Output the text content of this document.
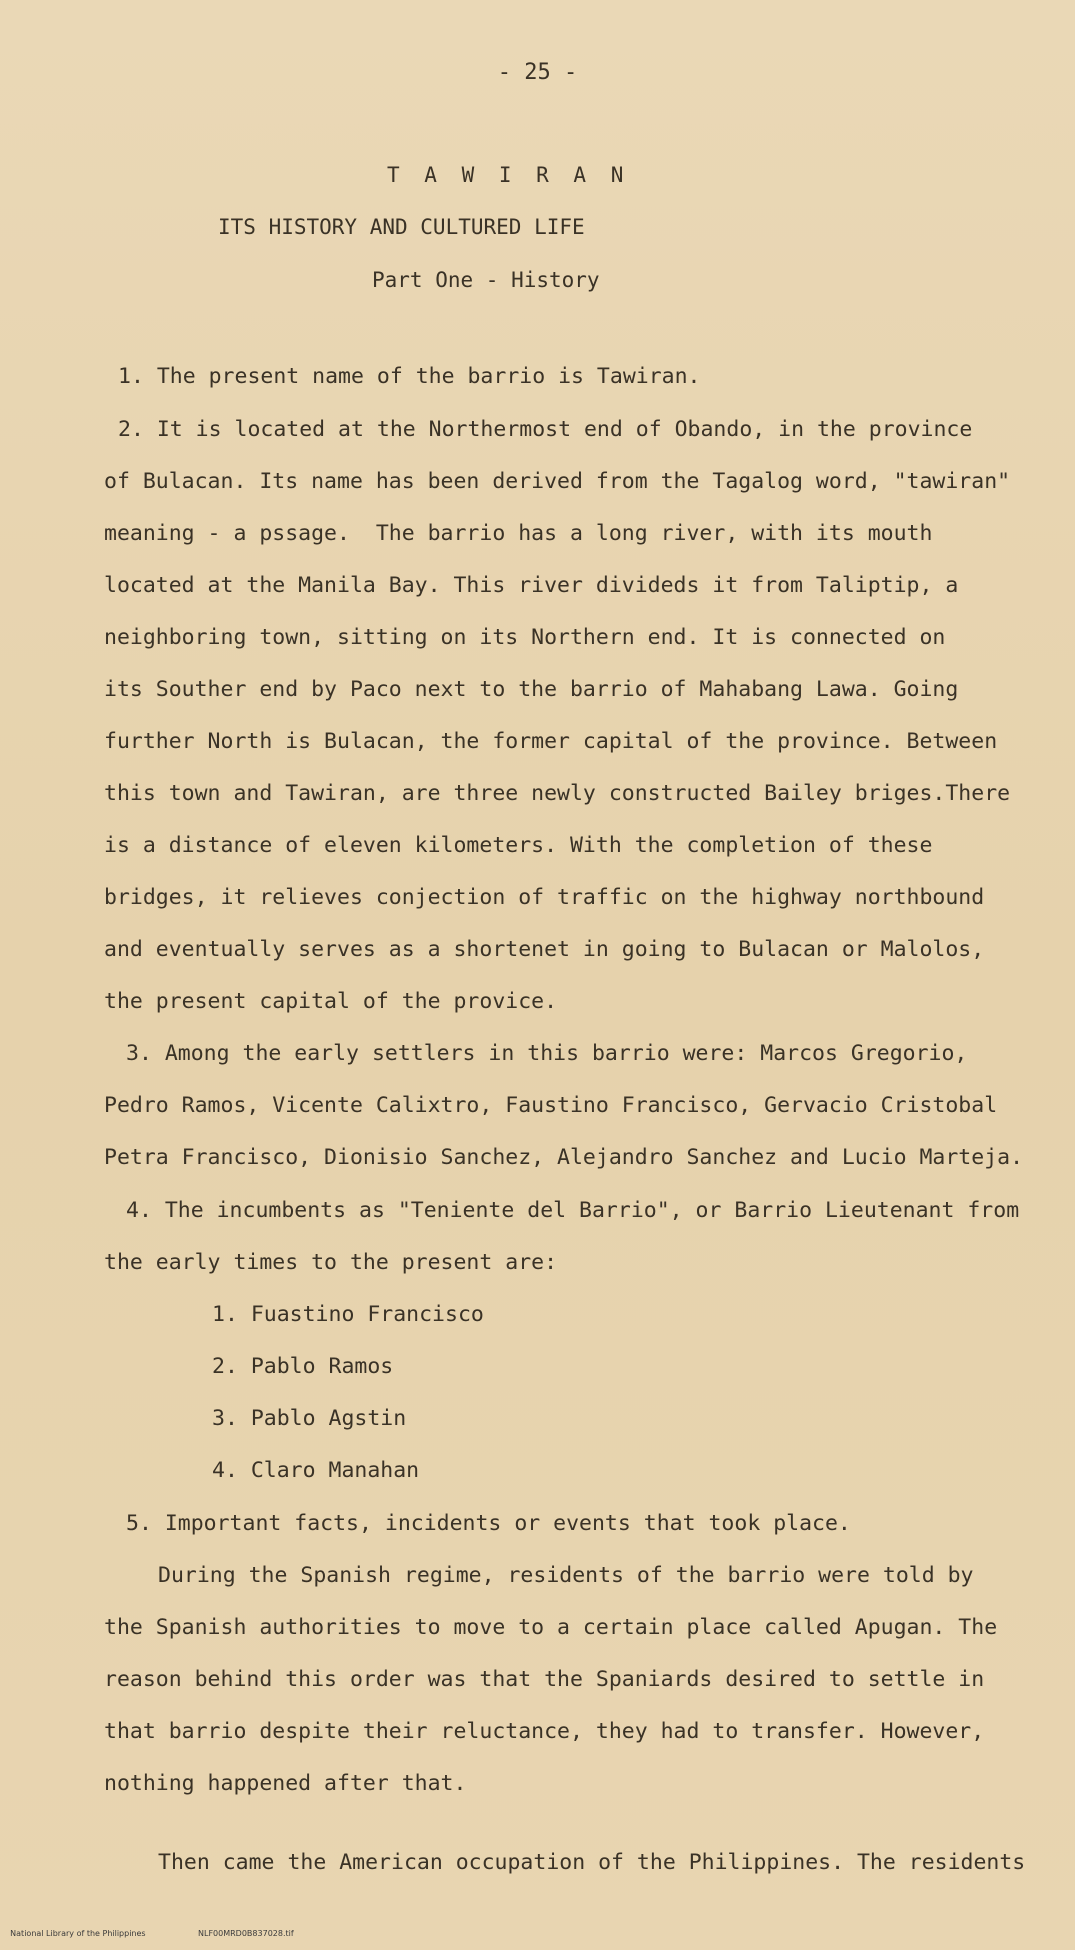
- 25 -
T A W I R A N
ITS HISTORY AND CULTURED LIFE
Part One - History
1. The present name of the barrio is Tawiran.
2. It is located at the Northermost end of Obando, in the province
of Bulacan. Its name has been derived from the Tagalog word, "tawiran"
meaning - a pssage.  The barrio has a long river, with its mouth
located at the Manila Bay. This river divideds it from Taliptip, a
neighboring town, sitting on its Northern end. It is connected on
its Souther end by Paco next to the barrio of Mahabang Lawa. Going
further North is Bulacan, the former capital of the province. Between
this town and Tawiran, are three newly constructed Bailey briges.There
is a distance of eleven kilometers. With the completion of these
bridges, it relieves conjection of traffic on the highway northbound
and eventually serves as a shortenet in going to Bulacan or Malolos,
the present capital of the provice.
3. Among the early settlers in this barrio were: Marcos Gregorio,
Pedro Ramos, Vicente Calixtro, Faustino Francisco, Gervacio Cristobal
Petra Francisco, Dionisio Sanchez, Alejandro Sanchez and Lucio Marteja.
4. The incumbents as "Teniente del Barrio", or Barrio Lieutenant from
the early times to the present are:
1. Fuastino Francisco
2. Pablo Ramos
3. Pablo Agstin
4. Claro Manahan
5. Important facts, incidents or events that took place.
During the Spanish regime, residents of the barrio were told by
the Spanish authorities to move to a certain place called Apugan. The
reason behind this order was that the Spaniards desired to settle in
that barrio despite their reluctance, they had to transfer. However,
nothing happened after that.
Then came the American occupation of the Philippines. The residents

National Library of the Philippines	NLF00MRD0B837028.tif
